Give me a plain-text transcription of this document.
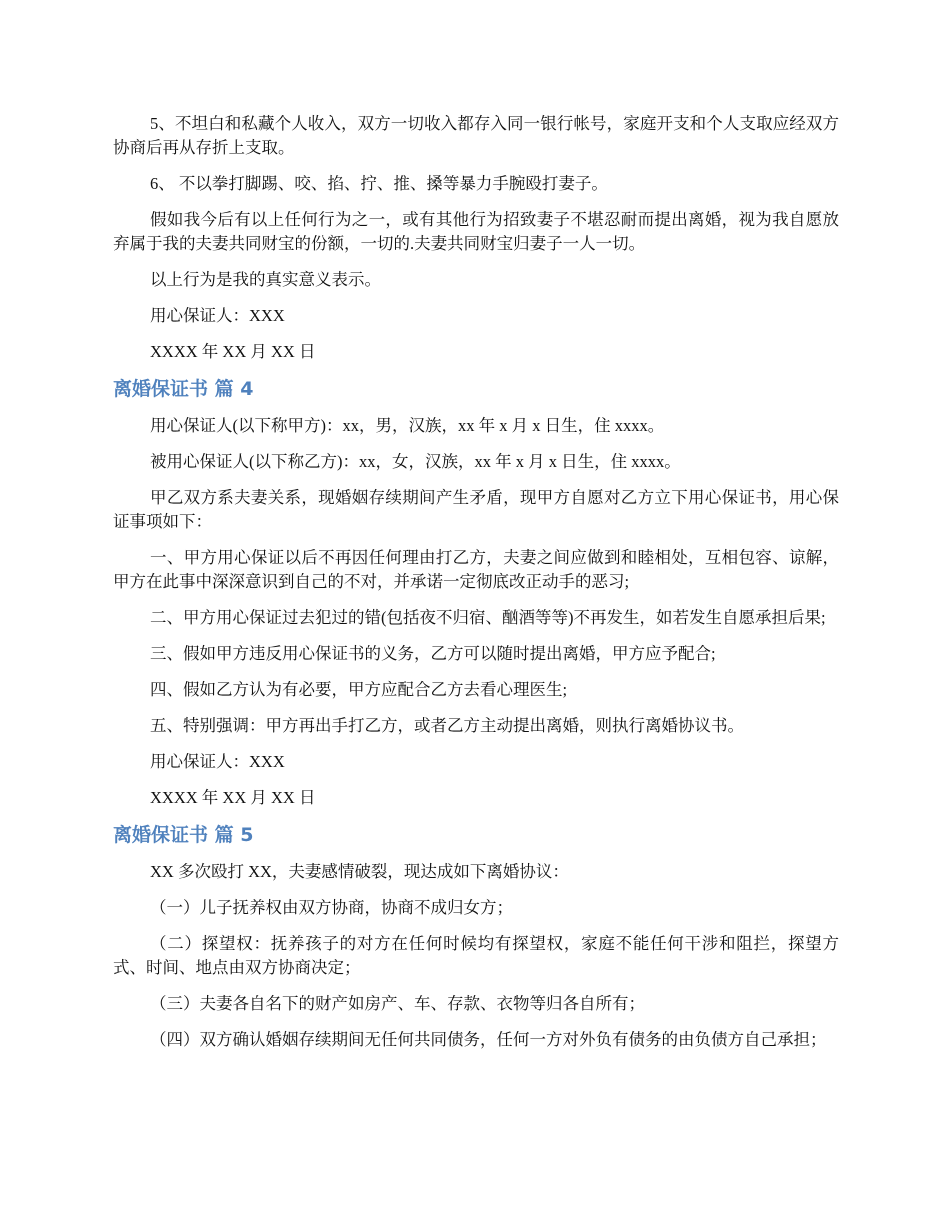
5、不坦白和私藏个人收入，双方一切收入都存入同一银行帐号，家庭开支和个人支取应经双方协商后再从存折上支取。

6、 不以拳打脚踢、咬、掐、拧、推、搡等暴力手腕殴打妻子。

假如我今后有以上任何行为之一，或有其他行为招致妻子不堪忍耐而提出离婚，视为我自愿放弃属于我的夫妻共同财宝的份额，一切的.夫妻共同财宝归妻子一人一切。

以上行为是我的真实意义表示。

用心保证人：XXX

XXXX 年 XX 月 XX 日

离婚保证书 篇 4

用心保证人(以下称甲方)：xx，男，汉族，xx 年 x 月 x 日生，住 xxxx。

被用心保证人(以下称乙方)：xx，女，汉族，xx 年 x 月 x 日生，住 xxxx。

甲乙双方系夫妻关系，现婚姻存续期间产生矛盾，现甲方自愿对乙方立下用心保证书，用心保证事项如下：

一、甲方用心保证以后不再因任何理由打乙方，夫妻之间应做到和睦相处，互相包容、谅解，甲方在此事中深深意识到自己的不对，并承诺一定彻底改正动手的恶习;

二、甲方用心保证过去犯过的错(包括夜不归宿、酗酒等等)不再发生，如若发生自愿承担后果;

三、假如甲方违反用心保证书的义务，乙方可以随时提出离婚，甲方应予配合;

四、假如乙方认为有必要，甲方应配合乙方去看心理医生;

五、特别强调：甲方再出手打乙方，或者乙方主动提出离婚，则执行离婚协议书。

用心保证人：XXX

XXXX 年 XX 月 XX 日

离婚保证书 篇 5

XX 多次殴打 XX，夫妻感情破裂，现达成如下离婚协议：

（一）儿子抚养权由双方协商，协商不成归女方；

（二）探望权：抚养孩子的对方在任何时候均有探望权，家庭不能任何干涉和阻拦，探望方式、时间、地点由双方协商决定；

（三）夫妻各自名下的财产如房产、车、存款、衣物等归各自所有；

（四）双方确认婚姻存续期间无任何共同债务，任何一方对外负有债务的由负债方自己承担；
